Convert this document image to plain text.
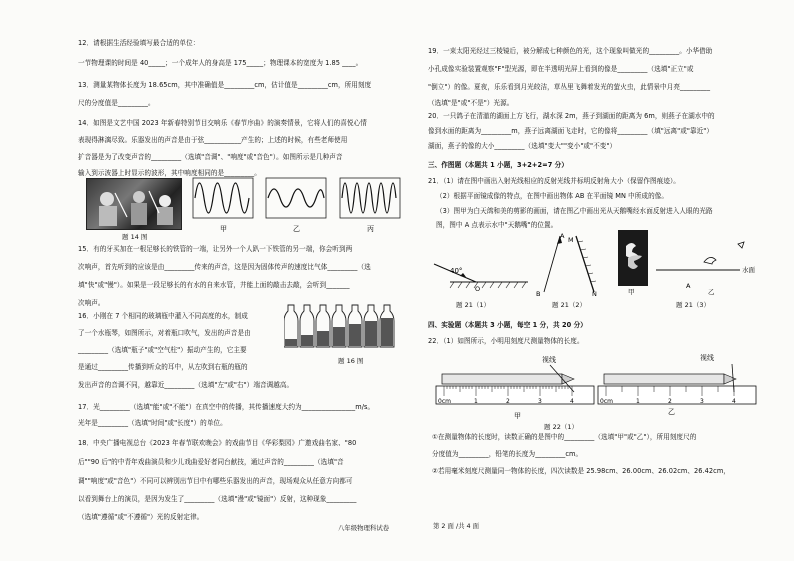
12．请根据生活经验填写最合适的单位：
一节物理课的时间是 40_____；一个成年人的身高是 175_____；物理课本的宽度为 1.85 ____。
13．测量某物体长度为 18.65cm，其中准确值是_________cm，估计值是_________cm，所用刻度
尺的分度值是_________。
14．如图是文艺中国 2023 年新春特别节目交响乐《春节序曲》的演奏情景，它将人们的喜悦心情
表现得淋漓尽致。乐器发出的声音是由于弦___________产生的；上述的时候，有些老师使用
扩音器是为了改变声音的_________（选填"音调"、"响度"或"音色"）。如图所示是几种声音
输入到示波器上时显示的波形，其中响度相同的是_________。
题 14 图
甲	乙	丙
15．有的牙买加在一根足够长的铁管的一端，让另外一个人趴一下铁管的另一端，你会听到两
次响声，首先听到的应该是由_________传来的声音，这是因为固体传声的速度比气体_________（选
填"快"或"慢"）。如果是一段足够长的有水的自来水管，井能上面的敲击去敲，会听到_______
次响声。
16．小刚在 7 个相同的玻璃瓶中灌入不同高度的水，制成
了一个水瓶琴，如图所示，对着瓶口吹气，发出的声音是由
_________（选填"瓶子"或"空气柱"）振动产生的，它主要
是通过_________传播到听众的耳中，从左吹到右瓶的瓶的
发出声音的音调不同，越靠近_________（选填"左"或"右"）端音调越高。
题 16 图
17．光_________（选填"能"或"不能"）在真空中的传播，其传播速度大约为________________m/s。
光年是_________（选填"时间"或"长度"）的单位。
18．中央广播电视总台《2023 年春节联欢晚会》的戏曲节目《华彩梨园》广邀戏曲名家、"80
后""90 后"的中青年戏曲演员和少儿戏曲爱好者同台献技，通过声音的_________（选填"音
调""响度"或"音色"）不同可以辨别出节目中有哪些乐器发出的声音，现场观众从任意方向都可
以看到舞台上的演员，是因为发生了_________（选填"漫"或"镜面"）反射，这种现象_________
（选填"遵循"或"不遵循"）光的反射定律。
八年级物理科试卷
19．一束太阳光经过三棱镜后，被分解成七种颜色的光，这个现象叫做光的_________。小华借助
小孔成像实验装置观察"F"型光源，即在半透明光屏上看到的像是_________（选填"正立"或
"倒立"）的像。夏夜，乐乐看到月光皎洁，草丛里飞舞着发光的萤火虫，此情景中月亮_________
（选填"是"或"不是"）光源。
20．一只鸽子在清澈的湖面上方飞行，湖水深 2m，燕子到湖面的距离为 6m，则燕子在湖水中的
像到水面的距离为_________m，燕子远离湖面飞走时，它的像将_________（填"远离"或"靠近"）
湖面，燕子的像的大小_________（选填"变大""变小"或"不变"）
三、作图题（本题共 1 小题，3+2+2=7 分）
21．（1）请在图中画出入射光线相应的反射光线并标明反射角大小（保留作图痕迹）。
（2）根据平面镜成像的特点，在图中画出物体 AB 在平面镜 MN 中所成的像。
（3）图甲为白天鸽和美的剪影的画面，请在图乙中画出光从天鹅嘴经水面反射进入人眼的光路
图，图中 A 点表示水中"天鹅嘴"的位置。
40°
O
题 21（1）
A
B
M
N
题 21（2）
甲
水面
A
乙
题 21（3）
四、实验题（本题共 3 小题，每空 1 分，共 20 分）
22．（1）如图所示，小明用刻度尺测量物体的长度。
0cm	1	2	3	4
视线
甲
0cm	1	2	3	4
视线
乙
题 22（1）
①在测量物体的长度时，读数正确的是图中的_________（选填"甲"或"乙"），所用刻度尺的
分度值为_________，铅笔的长度为_________cm。
②若用毫米刻度尺测量同一物体的长度，四次读数是 25.98cm、26.00cm、26.02cm、26.42cm，
第 2 面 /共 4 面
